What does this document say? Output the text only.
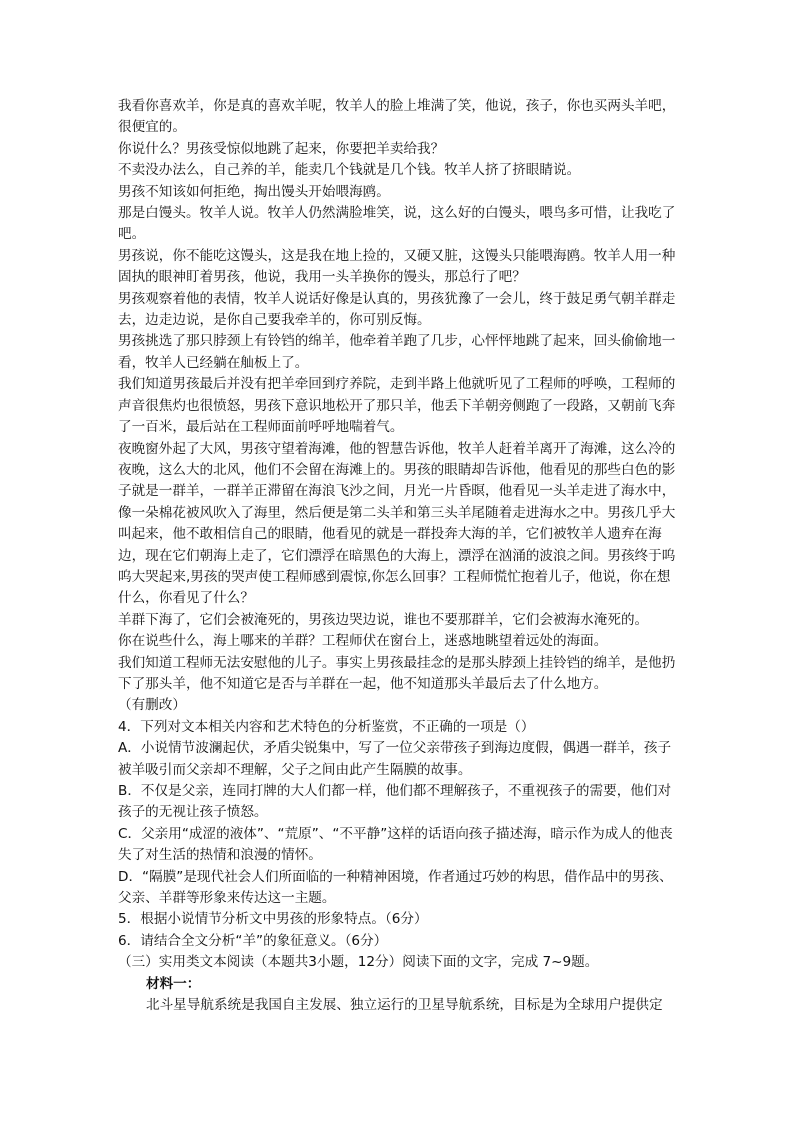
我看你喜欢羊，你是真的喜欢羊呢，牧羊人的脸上堆满了笑，他说，孩子，你也买两头羊吧，很便宜的。

你说什么？男孩受惊似地跳了起来，你要把羊卖给我？

不卖没办法么，自己养的羊，能卖几个钱就是几个钱。牧羊人挤了挤眼睛说。

男孩不知该如何拒绝，掏出馒头开始喂海鸥。

那是白馒头。牧羊人说。牧羊人仍然满脸堆笑，说，这么好的白馒头，喂鸟多可惜，让我吃了吧。

男孩说，你不能吃这馒头，这是我在地上捡的，又硬又脏，这馒头只能喂海鸥。牧羊人用一种固执的眼神盯着男孩，他说，我用一头羊换你的馒头，那总行了吧？

男孩观察着他的表情，牧羊人说话好像是认真的，男孩犹豫了一会儿，终于鼓足勇气朝羊群走去，边走边说，是你自己要我牵羊的，你可别反悔。

男孩挑选了那只脖颈上有铃铛的绵羊，他牵着羊跑了几步，心怦怦地跳了起来，回头偷偷地一看，牧羊人已经躺在舢板上了。

我们知道男孩最后并没有把羊牵回到疗养院，走到半路上他就听见了工程师的呼唤，工程师的声音很焦灼也很愤怒，男孩下意识地松开了那只羊，他丢下羊朝旁侧跑了一段路，又朝前飞奔了一百米，最后站在工程师面前呼呼地喘着气。

夜晚窗外起了大风，男孩守望着海滩，他的智慧告诉他，牧羊人赶着羊离开了海滩，这么冷的夜晚，这么大的北风，他们不会留在海滩上的。男孩的眼睛却告诉他，他看见的那些白色的影子就是一群羊，一群羊正滞留在海浪飞沙之间，月光一片昏暝，他看见一头羊走进了海水中，像一朵棉花被风吹入了海里，然后便是第二头羊和第三头羊尾随着走进海水之中。男孩几乎大叫起来，他不敢相信自己的眼睛，他看见的就是一群投奔大海的羊，它们被牧羊人遗弃在海边，现在它们朝海上走了，它们漂浮在暗黑色的大海上，漂浮在汹涌的波浪之间。男孩终于呜呜大哭起来,男孩的哭声使工程师感到震惊,你怎么回事？工程师慌忙抱着儿子，他说，你在想什么，你看见了什么？

羊群下海了，它们会被淹死的，男孩边哭边说，谁也不要那群羊，它们会被海水淹死的。

你在说些什么，海上哪来的羊群？工程师伏在窗台上，迷惑地眺望着远处的海面。

我们知道工程师无法安慰他的儿子。事实上男孩最挂念的是那头脖颈上挂铃铛的绵羊，是他扔下了那头羊，他不知道它是否与羊群在一起，他不知道那头羊最后去了什么地方。

（有删改）

4．下列对文本相关内容和艺术特色的分析鉴赏，不正确的一项是（）

A．小说情节波澜起伏，矛盾尖锐集中，写了一位父亲带孩子到海边度假，偶遇一群羊，孩子被羊吸引而父亲却不理解，父子之间由此产生隔膜的故事。

B．不仅是父亲，连同打牌的大人们都一样，他们都不理解孩子，不重视孩子的需要，他们对孩子的无视让孩子愤怒。

C．父亲用“成涩的液体”、“荒原”、“不平静”这样的话语向孩子描述海，暗示作为成人的他丧失了对生活的热情和浪漫的情怀。

D．“隔膜”是现代社会人们所面临的一种精神困境，作者通过巧妙的构思，借作品中的男孩、父亲、羊群等形象来传达这一主题。

5．根据小说情节分析文中男孩的形象特点。（6分）

6．请结合全文分析“羊”的象征意义。（6分）

（三）实用类文本阅读（本题共3小题，12分）阅读下面的文字，完成 7~9题。

材料一：

北斗星导航系统是我国自主发展、独立运行的卫星导航系统，目标是为全球用户提供定
